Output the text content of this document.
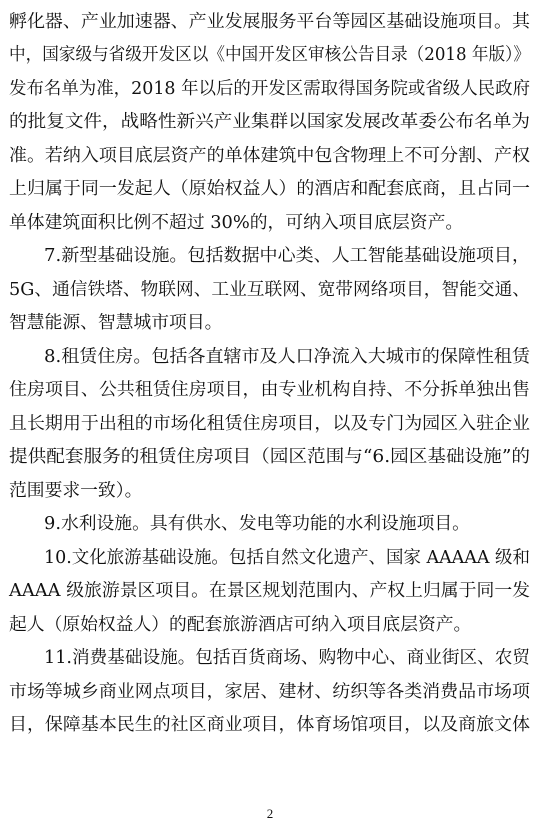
孵化器、产业加速器、产业发展服务平台等园区基础设施项目。其
中，国家级与省级开发区以《中国开发区审核公告目录（2018 年版）》
发布名单为准，2018 年以后的开发区需取得国务院或省级人民政府
的批复文件，战略性新兴产业集群以国家发展改革委公布名单为
准。若纳入项目底层资产的单体建筑中包含物理上不可分割、产权
上归属于同一发起人（原始权益人）的酒店和配套底商，且占同一
单体建筑面积比例不超过 30%的，可纳入项目底层资产。
7.新型基础设施。包括数据中心类、人工智能基础设施项目，
5G、通信铁塔、物联网、工业互联网、宽带网络项目，智能交通、
智慧能源、智慧城市项目。
8.租赁住房。包括各直辖市及人口净流入大城市的保障性租赁
住房项目、公共租赁住房项目，由专业机构自持、不分拆单独出售
且长期用于出租的市场化租赁住房项目，以及专门为园区入驻企业
提供配套服务的租赁住房项目（园区范围与“6.园区基础设施”的
范围要求一致）。
9.水利设施。具有供水、发电等功能的水利设施项目。
10.文化旅游基础设施。包括自然文化遗产、国家 AAAAA 级和
AAAA 级旅游景区项目。在景区规划范围内、产权上归属于同一发
起人（原始权益人）的配套旅游酒店可纳入项目底层资产。
11.消费基础设施。包括百货商场、购物中心、商业街区、农贸
市场等城乡商业网点项目，家居、建材、纺织等各类消费品市场项
目，保障基本民生的社区商业项目，体育场馆项目，以及商旅文体
2
